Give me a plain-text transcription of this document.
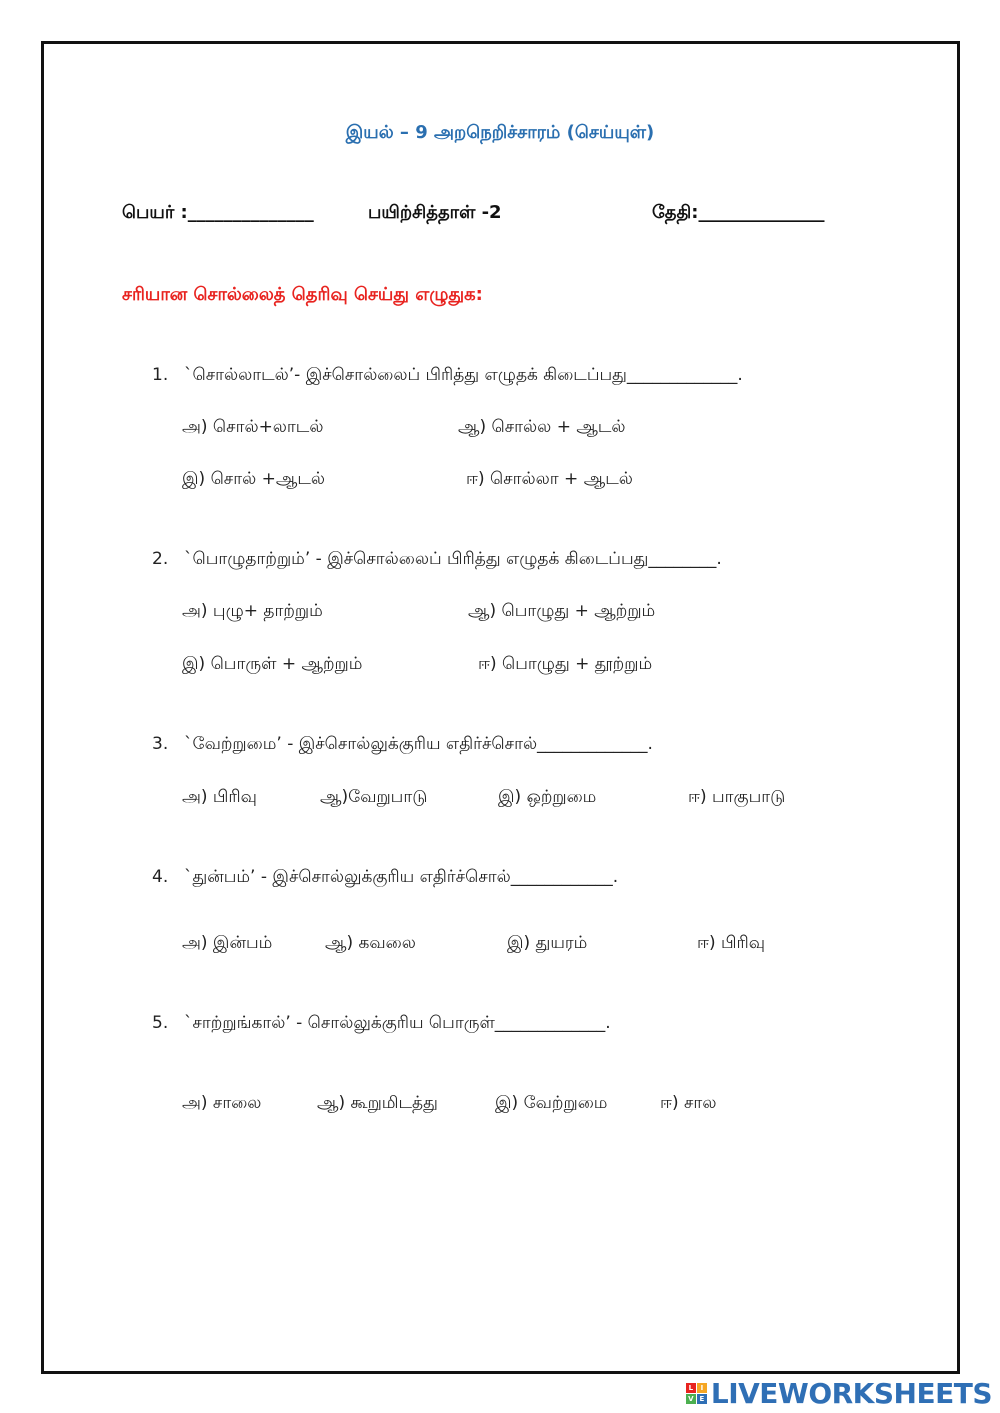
இயல் – 9 அறநெறிச்சாரம் (செய்யுள்)
பெயர் :______________	பயிற்சித்தாள் -2	தேதி:______________
சரியான சொல்லைத் தெரிவு செய்து எழுதுக:
1. `சொல்லாடல்’- இச்சொல்லைப் பிரித்து எழுதக் கிடைப்பது_____________.
அ) சொல்+லாடல்	ஆ) சொல்ல + ஆடல்
இ) சொல் +ஆடல்	ஈ) சொல்லா + ஆடல்
2. `பொழுதாற்றும்’ - இச்சொல்லைப் பிரித்து எழுதக் கிடைப்பது________.
அ) புழு+ தாற்றும்	ஆ) பொழுது + ஆற்றும்
இ) பொருள் + ஆற்றும்	ஈ) பொழுது + தூற்றும்
3. `வேற்றுமை’ - இச்சொல்லுக்குரிய எதிர்ச்சொல்_____________.
அ) பிரிவு	ஆ)வேறுபாடு	இ) ஒற்றுமை	ஈ) பாகுபாடு
4. `துன்பம்’ - இச்சொல்லுக்குரிய எதிர்ச்சொல்____________.
அ) இன்பம்	ஆ) கவலை	இ) துயரம்	ஈ) பிரிவு
5. `சாற்றுங்கால்’ - சொல்லுக்குரிய பொருள்_____________.
அ) சாலை	ஆ) கூறுமிடத்து	இ) வேற்றுமை	ஈ) சால
L	I
V E LIVEWORKSHEETS
